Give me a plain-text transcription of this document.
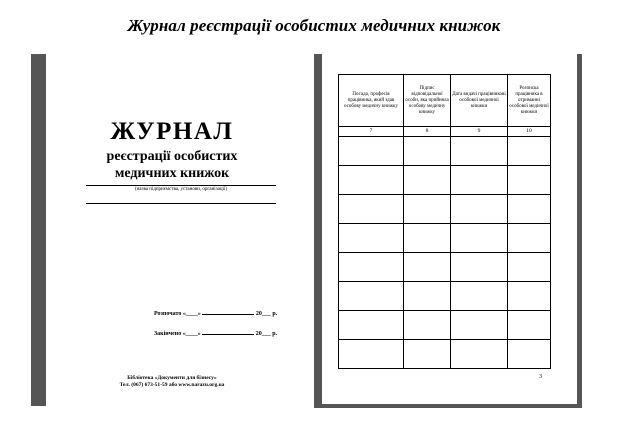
Журнал реєстрації особистих медичних книжок
ЖУРНАЛ
реєстрації особистих
медичних книжок
(назва підприємства, установи, організації)
Розпочато «____»	20___ р.
Закінчено «____»	20___ р.
Бібліотека «Документи для бізнесу»
Тел. (067) 673-51-59 або www.narazu.org.ua
Посада, професія працівника, який здав особову медичну книжку	Підпис відповідальної особи, яка прийняла особову медичну книжку	Дата видачі працівникові особової медичної книжки	Розписка працівника в отриманні особової медичної книжки
7	8	9	10

3
